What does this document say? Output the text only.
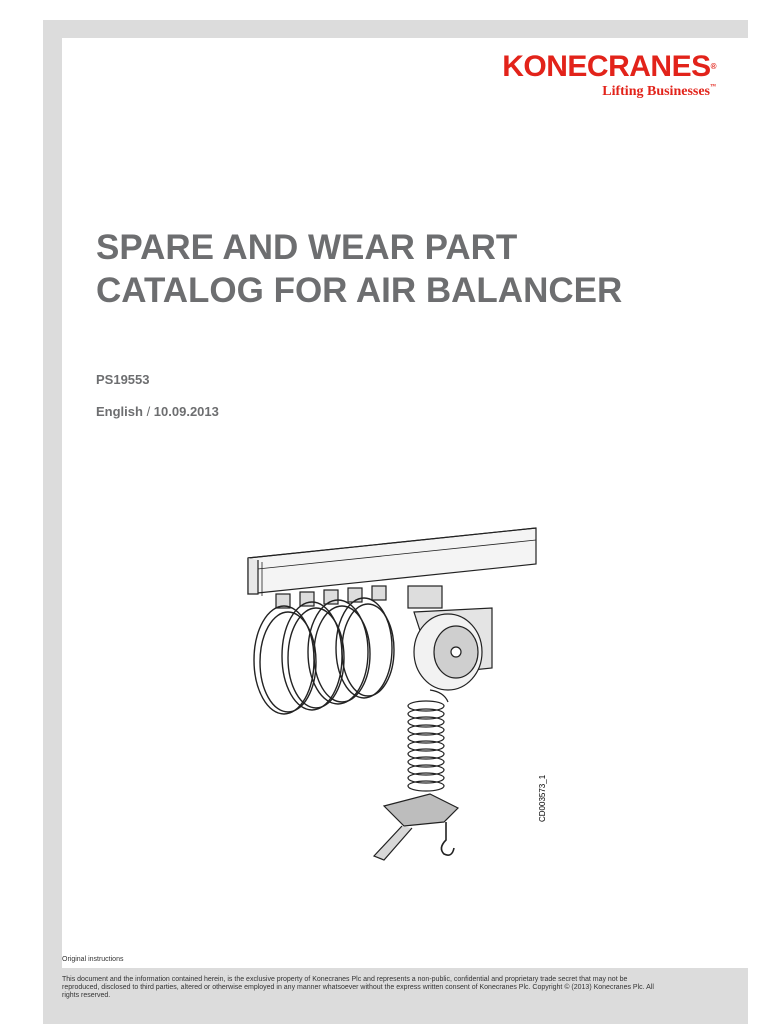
KONECRANES®
Lifting Businesses™
SPARE AND WEAR PART
CATALOG FOR AIR BALANCER
PS19553
English / 10.09.2013
CD003573_1
Original instructions
This document and the information contained herein, is the exclusive property of Konecranes Plc and represents a non-public, confidential and proprietary trade secret that may not be reproduced, disclosed to third parties, altered or otherwise employed in any manner whatsoever without the express written consent of Konecranes Plc. Copyright © (2013) Konecranes Plc. All rights reserved.
